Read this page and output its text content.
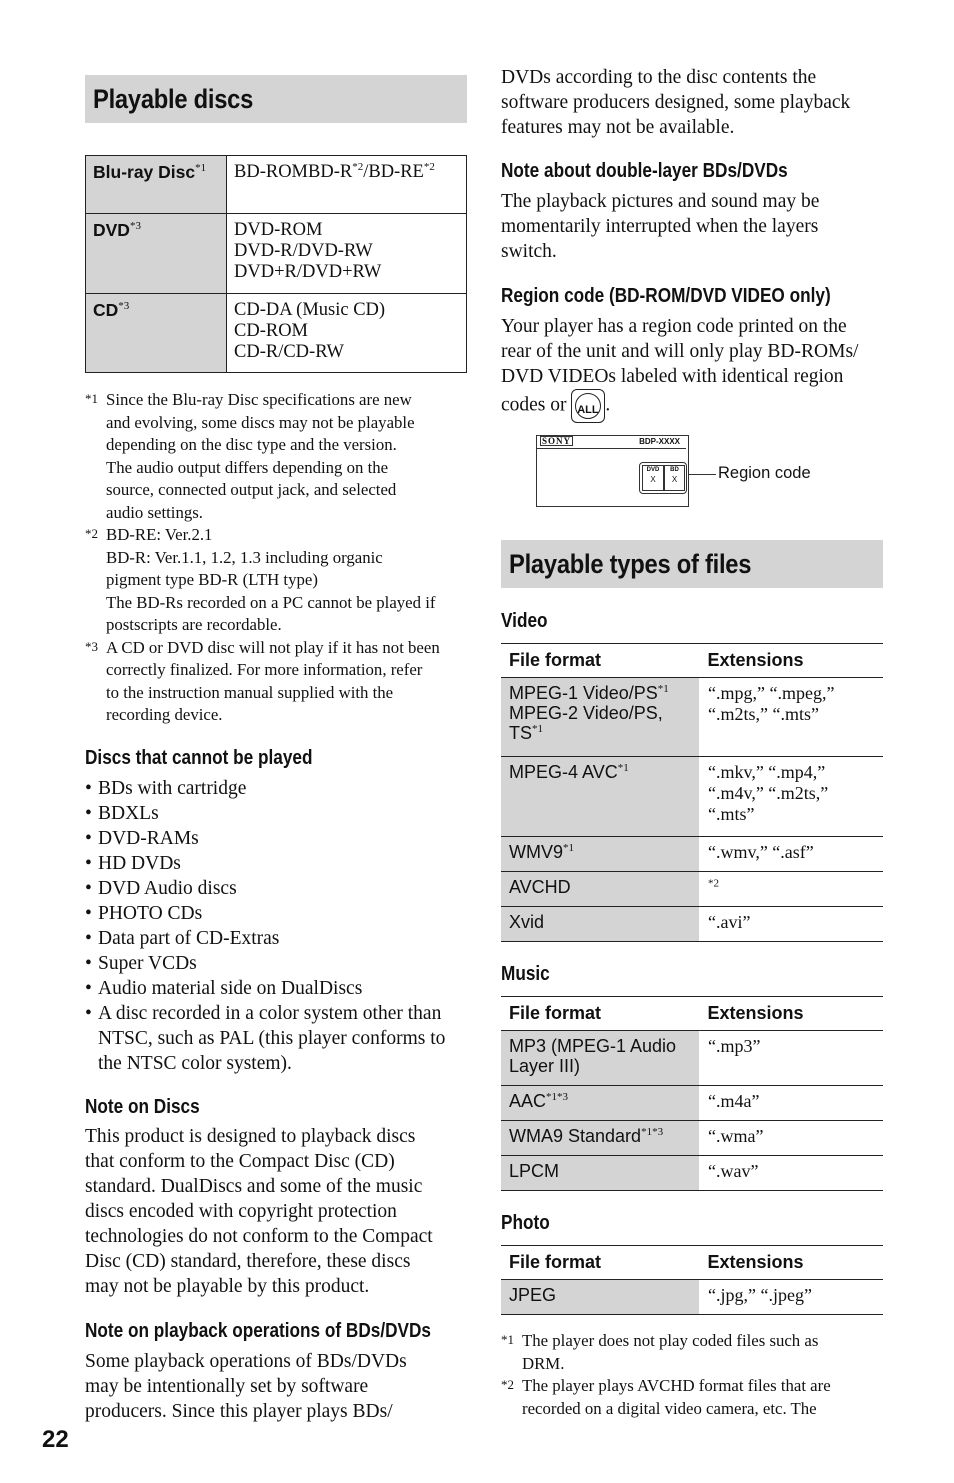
Playable discs
Blu-ray Disc$^{*1}$	$BD-ROMBD-R^{*2}/BD-RE^{*2}$
DVD$^{*3}$	DVD-ROM
DVD-R/DVD-RW
DVD+R/DVD+RW

CD$^{*3}$	CD-DA (Music CD)
CD-ROM
CD-R/CD-RW
*1 Since the Blu-ray Disc specifications are new
and evolving, some discs may not be playable
depending on the disc type and the version.
The audio output differs depending on the
source, connected output jack, and selected
audio settings.
*2 BD-RE: Ver.2.1
BD-R: Ver.1.1, 1.2, 1.3 including organic
pigment type BD-R (LTH type)
The BD-Rs recorded on a PC cannot be played if
postscripts are recordable.
*3 A CD or DVD disc will not play if it has not been
correctly finalized. For more information, refer
to the instruction manual supplied with the
recording device.
Discs that cannot be played
• BDs with cartridge
• BDXLs
• DVD-RAMs
• HD DVDs
• DVD Audio discs
• PHOTO CDs
• Data part of CD-Extras
• Super VCDs
• Audio material side on DualDiscs
• A disc recorded in a color system other than NTSC, such as PAL (this player conforms to the NTSC color system).
Note on Discs
This product is designed to playback discs
that conform to the Compact Disc (CD)
standard. DualDiscs and some of the music
discs encoded with copyright protection
technologies do not conform to the Compact
Disc (CD) standard, therefore, these discs
may not be playable by this product.
Note on playback operations of BDs/DVDs
Some playback operations of BDs/DVDs
may be intentionally set by software
producers. Since this player plays BDs/
22
DVDs according to the disc contents the
software producers designed, some playback
features may not be available.
Note about double-layer BDs/DVDs
The playback pictures and sound may be
momentarily interrupted when the layers
switch.
Region code (BD-ROM/DVD VIDEO only)
Your player has a region code printed on the
rear of the unit and will only play BD-ROMs/
DVD VIDEOs labeled with identical region
codes or ALL .
SONY	BDP-XXXX
DVD
X
BD
X	Region code
Playable types of files
Video
File format	Extensions
MPEG-1 Video/PS$^{*1}$
MPEG-2 Video/PS, TS$^{*1}$	“.mpg,” “.mpeg,” “.m2ts,” “.mts”
MPEG-4 AVC$^{*1}$	“.mkv,” “.mp4,” “.m4v,” “.m2ts,” “.mts”
WMV9$^{*1}$	“.wmv,” “.asf”
AVCHD	$^{*2}$
Xvid	“.avi”
Music
File format	Extensions
MP3 (MPEG-1 Audio Layer III)	“.mp3”
$AAC^{*1*3}$	“.m4a”
WMA9 Standard$^{*1*3}$	“.wma”
LPCM	“.wav”
Photo
File format	Extensions
JPEG	“.jpg,” “.jpeg”
*1 The player does not play coded files such as
DRM.
*2 The player plays AVCHD format files that are
recorded on a digital video camera, etc. The
